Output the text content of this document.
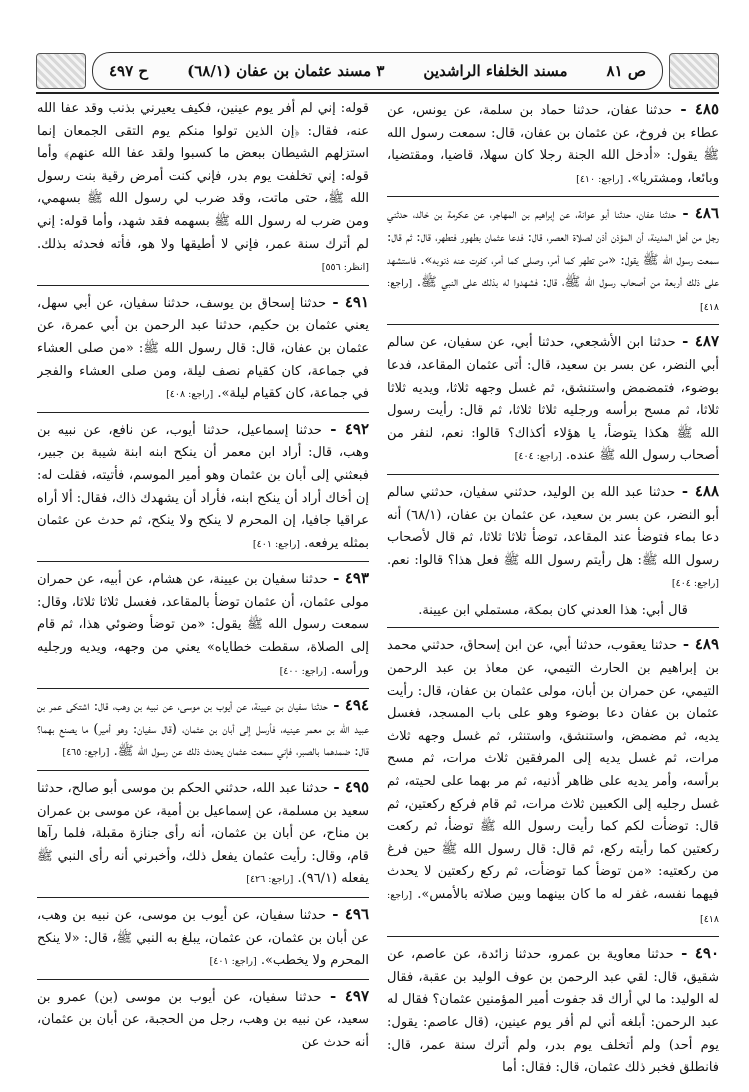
ص ٨١
مسند الخلفاء الراشدين
٣ مسند عثمان بن عفان (٦٨/١)
ح ٤٩٧
٤٨٥ - حدثنا عفان، حدثنا حماد بن سلمة، عن يونس، عن عطاء بن فروخ، عن عثمان بن عفان، قال: سمعت رسول الله ﷺ يقول: «أدخل الله الجنة رجلا كان سهلا، قاضيا، ومقتضيا، وبائعا، ومشتريا». [راجع: ٤١٠]
٤٨٦ - حدثنا عفان، حدثنا أبو عوانة، عن إبراهيم بن المهاجر، عن عكرمة بن خالد، حدثني رجل من أهل المدينة، أن المؤذن أذن لصلاة العصر، قال: فدعا عثمان بطهور فتطهر، قال: ثم قال: سمعت رسول الله ﷺ يقول: «من تطهر كما أمر، وصلى كما أمر، كفرت عنه ذنوبه». فاستشهد على ذلك أربعة من أصحاب رسول الله ﷺ، قال: فشهدوا له بذلك على النبي ﷺ. [راجع: ٤١٨]
٤٨٧ - حدثنا ابن الأشجعي، حدثنا أبي، عن سفيان، عن سالم أبي النضر، عن بسر بن سعيد، قال: أتى عثمان المقاعد، فدعا بوضوء، فتمضمض واستنشق، ثم غسل وجهه ثلاثا، ويديه ثلاثا ثلاثا، ثم مسح برأسه ورجليه ثلاثا ثلاثا، ثم قال: رأيت رسول الله ﷺ هكذا يتوضأ، يا هؤلاء أكذاك؟ قالوا: نعم، لنفر من أصحاب رسول الله ﷺ عنده. [راجع: ٤٠٤]
٤٨٨ - حدثنا عبد الله بن الوليد، حدثني سفيان، حدثني سالم أبو النضر، عن بسر بن سعيد، عن عثمان بن عفان، (٦٨/١) أنه دعا بماء فتوضأ عند المقاعد، توضأ ثلاثا ثلاثا، ثم قال لأصحاب رسول الله ﷺ: هل رأيتم رسول الله ﷺ فعل هذا؟ قالوا: نعم. [راجع: ٤٠٤]
قال أبي: هذا العدني كان بمكة، مستملي ابن عيينة.
٤٨٩ - حدثنا يعقوب، حدثنا أبي، عن ابن إسحاق، حدثني محمد بن إبراهيم بن الحارث التيمي، عن معاذ بن عبد الرحمن التيمي، عن حمران بن أبان، مولى عثمان بن عفان، قال: رأيت عثمان بن عفان دعا بوضوء وهو على باب المسجد، فغسل يديه، ثم مضمض، واستنشق، واستنثر، ثم غسل وجهه ثلاث مرات، ثم غسل يديه إلى المرفقين ثلاث مرات، ثم مسح برأسه، وأمر يديه على ظاهر أذنيه، ثم مر بهما على لحيته، ثم غسل رجليه إلى الكعبين ثلاث مرات، ثم قام فركع ركعتين، ثم قال: توضأت لكم كما رأيت رسول الله ﷺ توضأ، ثم ركعت ركعتين كما رأيته ركع، ثم قال: قال رسول الله ﷺ حين فرغ من ركعتيه: «من توضأ كما توضأت، ثم ركع ركعتين لا يحدث فيهما نفسه، غفر له ما كان بينهما وبين صلاته بالأمس». [راجع: ٤١٨]
٤٩٠ - حدثنا معاوية بن عمرو، حدثنا زائدة، عن عاصم، عن شقيق، قال: لقي عبد الرحمن بن عوف الوليد بن عقبة، فقال له الوليد: ما لي أراك قد جفوت أمير المؤمنين عثمان؟ فقال له عبد الرحمن: أبلغه أني لم أفر يوم عينين، (قال عاصم: يقول: يوم أحد) ولم أتخلف يوم بدر، ولم أترك سنة عمر، قال: فانطلق فخبر ذلك عثمان، قال: فقال: أما
قوله: إني لم أفر يوم عينين، فكيف يعيرني بذنب وقد عفا الله عنه، فقال: ﴿إن الذين تولوا منكم يوم التقى الجمعان إنما استزلهم الشيطان ببعض ما كسبوا ولقد عفا الله عنهم﴾ وأما قوله: إني تخلفت يوم بدر، فإني كنت أمرض رقية بنت رسول الله ﷺ، حتى ماتت، وقد ضرب لي رسول الله ﷺ بسهمي، ومن ضرب له رسول الله ﷺ بسهمه فقد شهد، وأما قوله: إني لم أترك سنة عمر، فإني لا أطيقها ولا هو، فأته فحدثه بذلك. [انظر: ٥٥٦]
٤٩١ - حدثنا إسحاق بن يوسف، حدثنا سفيان، عن أبي سهل، يعني عثمان بن حكيم، حدثنا عبد الرحمن بن أبي عمرة، عن عثمان بن عفان، قال: قال رسول الله ﷺ: «من صلى العشاء في جماعة، كان كقيام نصف ليلة، ومن صلى العشاء والفجر في جماعة، كان كقيام ليلة». [راجع: ٤٠٨]
٤٩٢ - حدثنا إسماعيل، حدثنا أيوب، عن نافع، عن نبيه بن وهب، قال: أراد ابن معمر أن ينكح ابنه ابنة شيبة بن جبير، فبعثني إلى أبان بن عثمان وهو أمير الموسم، فأتيته، فقلت له: إن أخاك أراد أن ينكح ابنه، فأراد أن يشهدك ذاك، فقال: ألا أراه عراقيا جافيا، إن المحرم لا ينكح ولا ينكح، ثم حدث عن عثمان بمثله يرفعه. [راجع: ٤٠١]
٤٩٣ - حدثنا سفيان بن عيينة، عن هشام، عن أبيه، عن حمران مولى عثمان، أن عثمان توضأ بالمقاعد، فغسل ثلاثا ثلاثا، وقال: سمعت رسول الله ﷺ يقول: «من توضأ وضوئي هذا، ثم قام إلى الصلاة، سقطت خطاياه» يعني من وجهه، ويديه ورجليه ورأسه. [راجع: ٤٠٠]
٤٩٤ - حدثنا سفيان بن عيينة، عن أيوب بن موسى، عن نبيه بن وهب، قال: اشتكى عمر بن عبيد الله بن معمر عينيه، فأرسل إلى أبان بن عثمان، (قال سفيان: وهو أمير) ما يصنع بهما؟ قال: ضمدهما بالصبر، فإني سمعت عثمان يحدث ذلك عن رسول الله ﷺ. [راجع: ٤٦٥]
٤٩٥ - حدثنا عبد الله، حدثني الحكم بن موسى أبو صالح، حدثنا سعيد بن مسلمة، عن إسماعيل بن أمية، عن موسى بن عمران بن مناح، عن أبان بن عثمان، أنه رأى جنازة مقبلة، فلما رآها قام، وقال: رأيت عثمان يفعل ذلك، وأخبرني أنه رأى النبي ﷺ يفعله (٩٦/١). [راجع: ٤٢٦]
٤٩٦ - حدثنا سفيان، عن أيوب بن موسى، عن نبيه بن وهب، عن أبان بن عثمان، عن عثمان، يبلغ به النبي ﷺ، قال: «لا ينكح المحرم ولا يخطب». [راجع: ٤٠١]
٤٩٧ - حدثنا سفيان، عن أيوب بن موسى (بن) عمرو بن سعيد، عن نبيه بن وهب، رجل من الحجبة، عن أبان بن عثمان، أنه حدث عن
